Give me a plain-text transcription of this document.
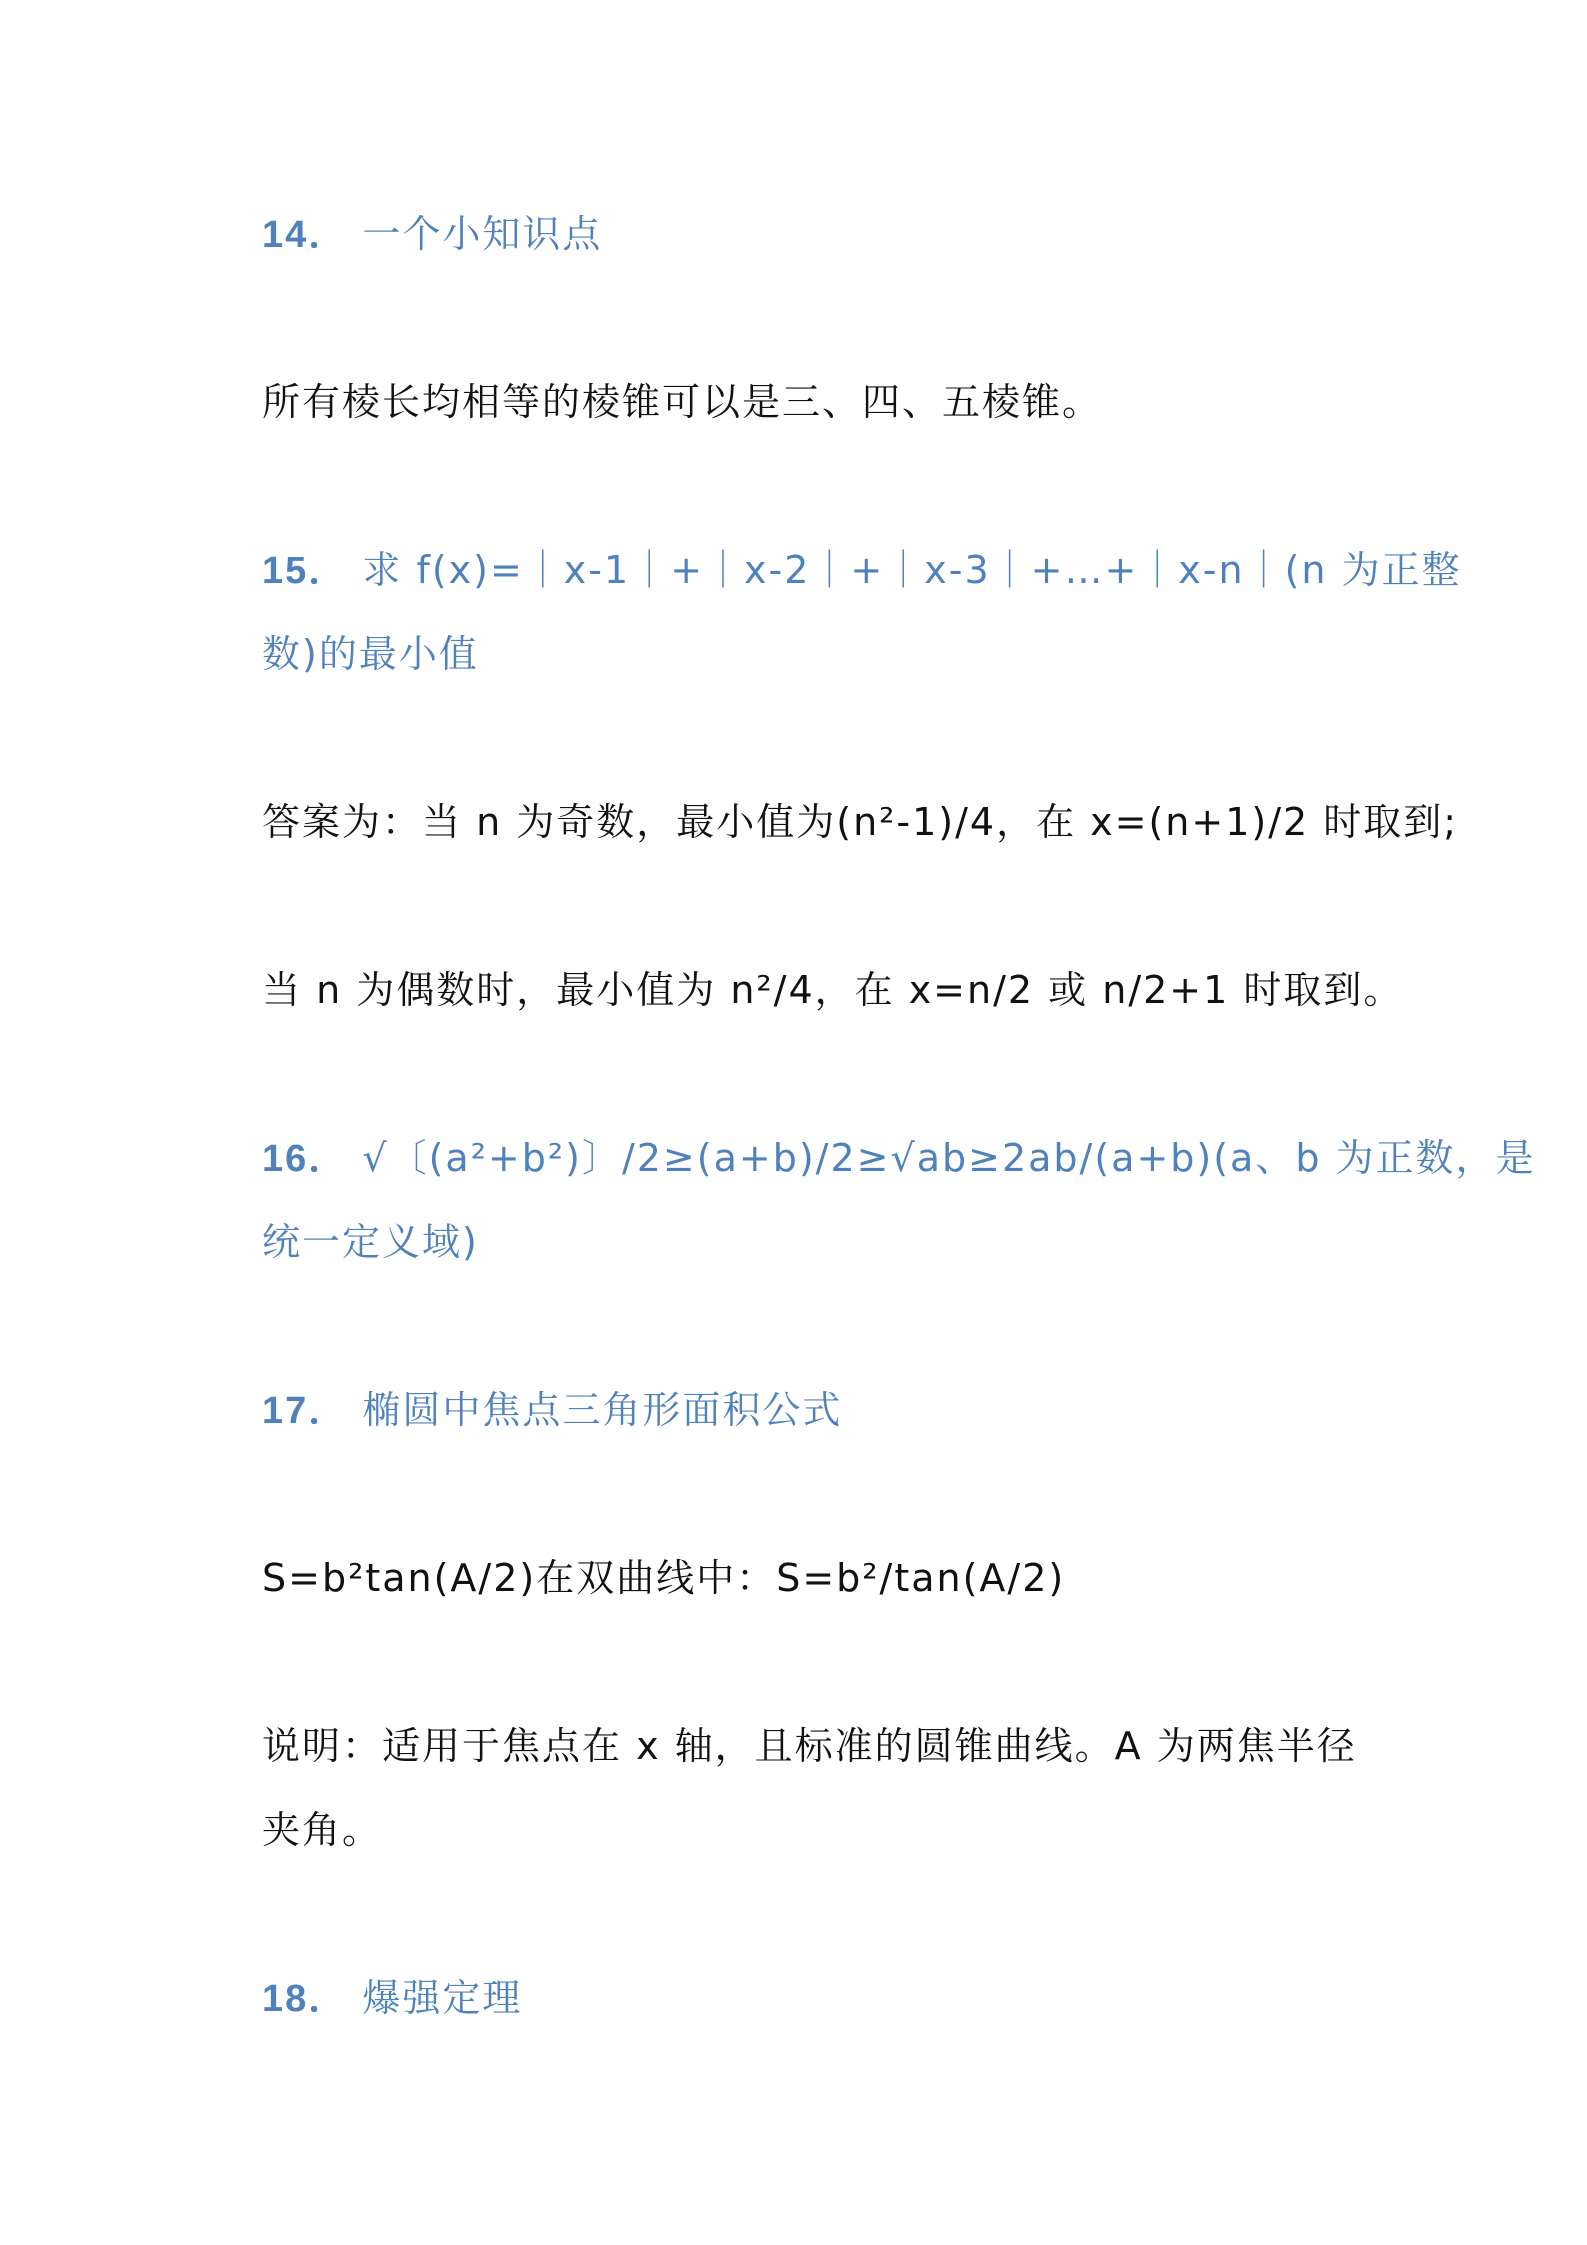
14． 一个小知识点
所有棱长均相等的棱锥可以是三、四、五棱锥。
15． 求 f(x)=｜x-1｜+｜x-2｜+｜x-3｜+…+｜x-n｜(n 为正整
数)的最小值
答案为：当 n 为奇数，最小值为(n²-1)/4，在 x=(n+1)/2 时取到;
当 n 为偶数时，最小值为 n²/4，在 x=n/2 或 n/2+1 时取到。
16． √〔(a²+b²)〕/2≥(a+b)/2≥√ab≥2ab/(a+b)(a、b 为正数，是
统一定义域)
17． 椭圆中焦点三角形面积公式
S=b²tan(A/2)在双曲线中：S=b²/tan(A/2)
说明：适用于焦点在 x 轴，且标准的圆锥曲线。A 为两焦半径
夹角。
18． 爆强定理
